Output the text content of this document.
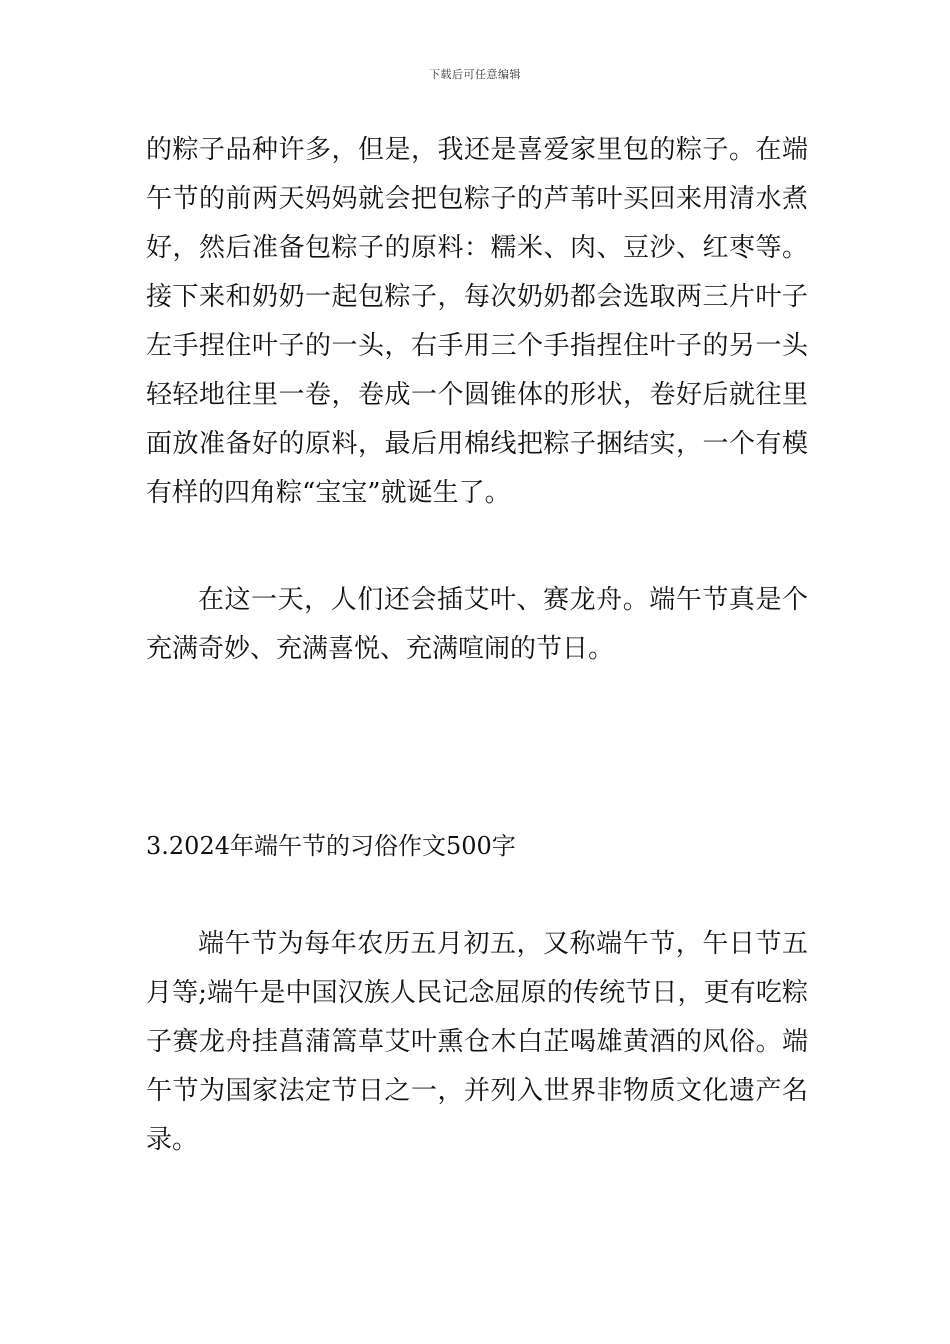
下载后可任意编辑

的粽子品种许多，但是，我还是喜爱家里包的粽子。在端午节的前两天妈妈就会把包粽子的芦苇叶买回来用清水煮好，然后准备包粽子的原料：糯米、肉、豆沙、红枣等。接下来和奶奶一起包粽子，每次奶奶都会选取两三片叶子左手捏住叶子的一头，右手用三个手指捏住叶子的另一头轻轻地往里一卷，卷成一个圆锥体的形状，卷好后就往里面放准备好的原料，最后用棉线把粽子捆结实，一个有模有样的四角粽“宝宝”就诞生了。

在这一天，人们还会插艾叶、赛龙舟。端午节真是个充满奇妙、充满喜悦、充满喧闹的节日。

3.2024年端午节的习俗作文500字

端午节为每年农历五月初五，又称端午节，午日节五月等;端午是中国汉族人民记念屈原的传统节日，更有吃粽子赛龙舟挂菖蒲篙草艾叶熏仓木白芷喝雄黄酒的风俗。端午节为国家法定节日之一，并列入世界非物质文化遗产名录。
